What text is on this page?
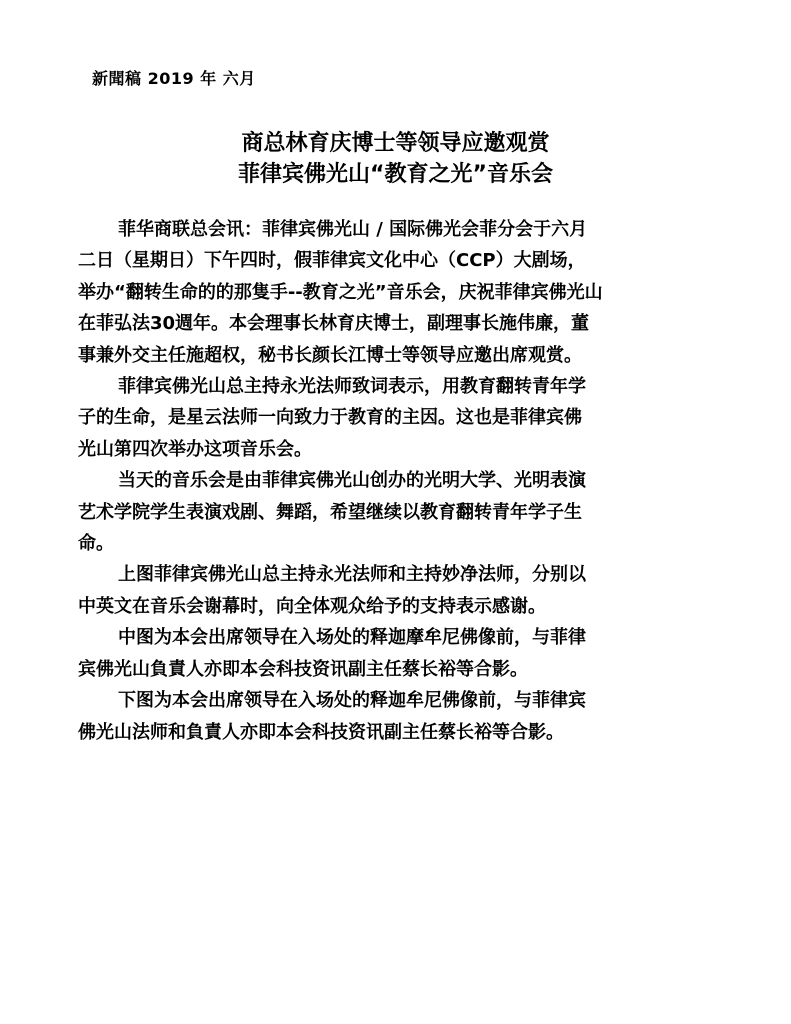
新聞稿 2019 年 六月
商总林育庆博士等领导应邀观赏
菲律宾佛光山“教育之光”音乐会

菲华商联总会讯：菲律宾佛光山 / 国际佛光会菲分会于六月
二日（星期日）下午四时，假菲律宾文化中心（CCP）大剧场，
举办“翻转生命的的那隻手--教育之光”音乐会，庆祝菲律宾佛光山
在菲弘法30週年。本会理事长林育庆博士，副理事长施伟廉，董
事兼外交主任施超权，秘书长颜长江博士等领导应邀出席观赏。

菲律宾佛光山总主持永光法师致词表示，用教育翻转青年学
子的生命，是星云法师一向致力于教育的主因。这也是菲律宾佛
光山第四次举办这项音乐会。

当天的音乐会是由菲律宾佛光山创办的光明大学、光明表演
艺术学院学生表演戏剧、舞蹈，希望继续以教育翻转青年学子生
命。

上图菲律宾佛光山总主持永光法师和主持妙净法师，分别以
中英文在音乐会谢幕时，向全体观众给予的支持表示感谢。

中图为本会出席领导在入场处的释迦摩牟尼佛像前，与菲律
宾佛光山負責人亦即本会科技资讯副主任蔡长裕等合影。

下图为本会出席领导在入场处的释迦牟尼佛像前，与菲律宾
佛光山法师和負責人亦即本会科技资讯副主任蔡长裕等合影。
